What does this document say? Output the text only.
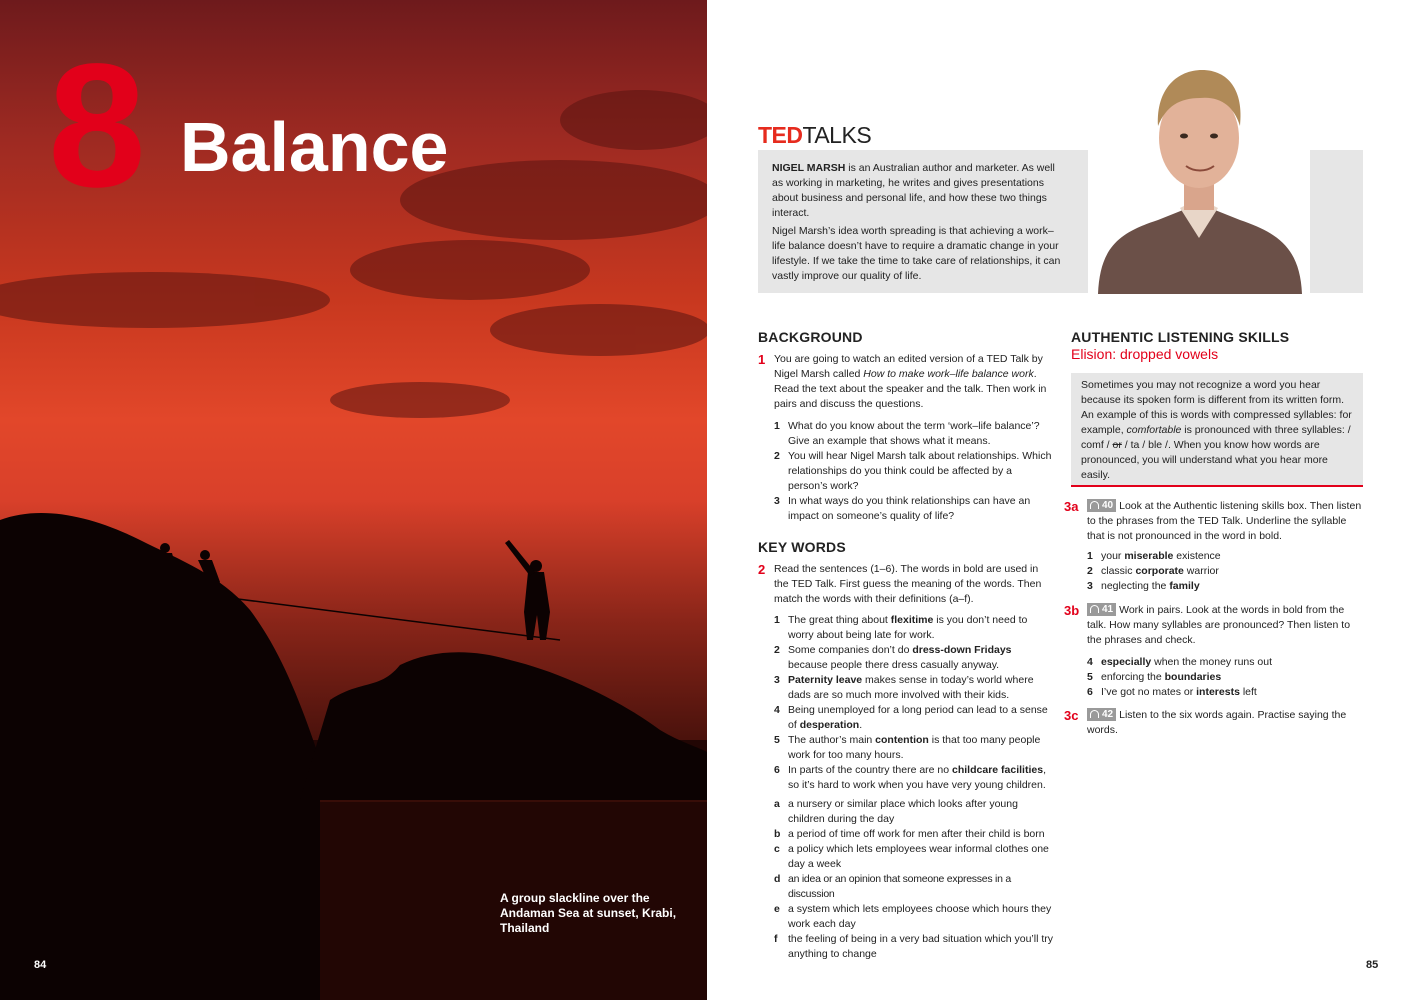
8 Balance
A group slackline over the Andaman Sea at sunset, Krabi, Thailand
84
TEDTALKS

NIGEL MARSH is an Australian author and marketer. As well as working in marketing, he writes and gives presentations about business and personal life, and how these two things interact.

Nigel Marsh’s idea worth spreading is that achieving a work–life balance doesn’t have to require a dramatic change in your lifestyle. If we take the time to take care of relationships, it can vastly improve our quality of life.

BACKGROUND
1 You are going to watch an edited version of a TED Talk by Nigel Marsh called How to make work–life balance work. Read the text about the speaker and the talk. Then work in pairs and discuss the questions.
1 What do you know about the term ‘work–life balance’? Give an example that shows what it means.
2 You will hear Nigel Marsh talk about relationships. Which relationships do you think could be affected by a person’s work?
3 In what ways do you think relationships can have an impact on someone’s quality of life?
KEY WORDS
2 Read the sentences (1–6). The words in bold are used in the TED Talk. First guess the meaning of the words. Then match the words with their definitions (a–f).
1 The great thing about flexitime is you don’t need to worry about being late for work.
2 Some companies don’t do dress-down Fridays because people there dress casually anyway.
3 Paternity leave makes sense in today’s world where dads are so much more involved with their kids.
4 Being unemployed for a long period can lead to a sense of desperation.
5 The author’s main contention is that too many people work for too many hours.
6 In parts of the country there are no childcare facilities, so it’s hard to work when you have very young children.
a a nursery or similar place which looks after young children during the day
b a period of time off work for men after their child is born
c a policy which lets employees wear informal clothes one day a week
d an idea or an opinion that someone expresses in a discussion
e a system which lets employees choose which hours they work each day
f the feeling of being in a very bad situation which you’ll try anything to change
AUTHENTIC LISTENING SKILLS
Elision: dropped vowels
Sometimes you may not recognize a word you hear because its spoken form is different from its written form. An example of this is words with compressed syllables: for example, comfortable is pronounced with three syllables: / comf / or / ta / ble /. When you know how words are pronounced, you will understand what you hear more easily.
3a	40 Look at the Authentic listening skills box. Then listen to the phrases from the TED Talk. Underline the syllable that is not pronounced in the word in bold.
1 your miserable existence
2 classic corporate warrior
3 neglecting the family
3b	41 Work in pairs. Look at the words in bold from the talk. How many syllables are pronounced? Then listen to the phrases and check.
4 especially when the money runs out
5 enforcing the boundaries
6 I’ve got no mates or interests left
3c	42 Listen to the six words again. Practise saying the words.
85
